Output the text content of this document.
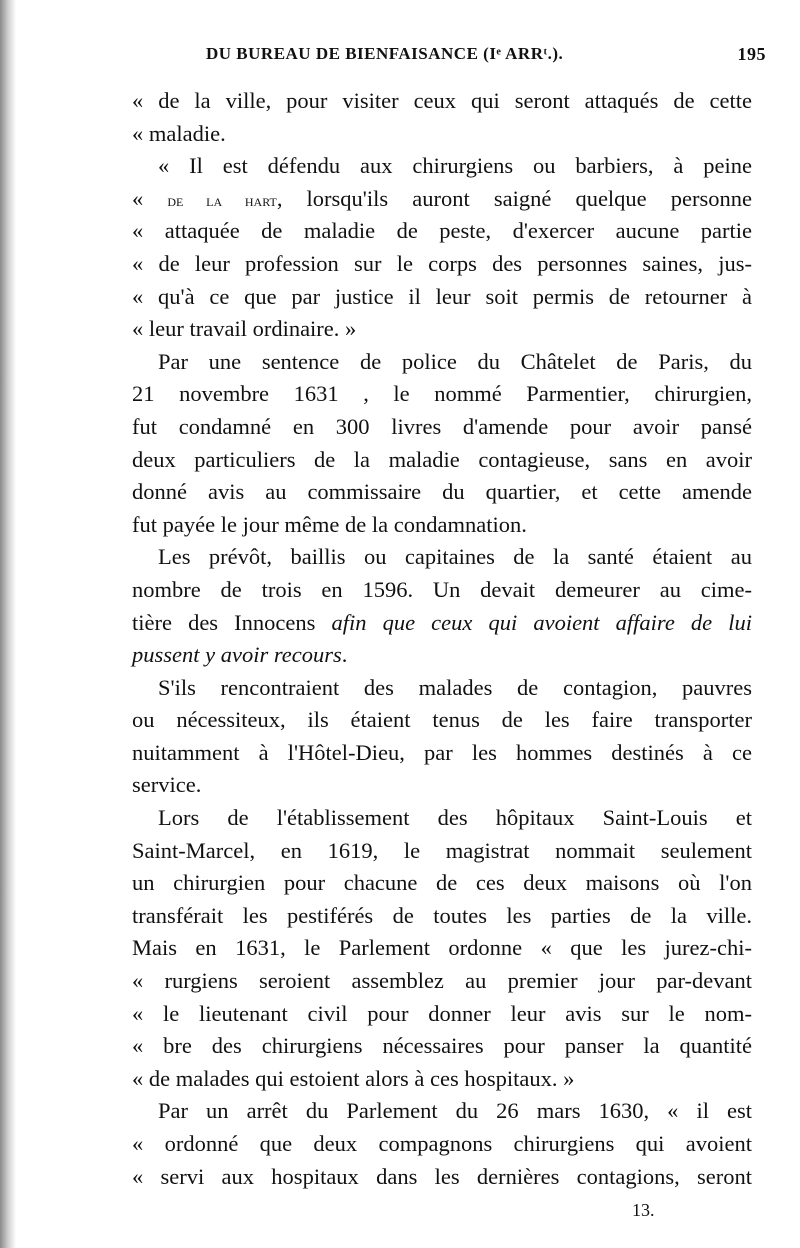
DU BUREAU DE BIENFAISANCE (Iᵉ ARRᵗ.).	195
« de la ville, pour visiter ceux qui seront attaqués de cette
« maladie.
« Il est défendu aux chirurgiens ou barbiers, à peine
« de la hart, lorsqu'ils auront saigné quelque personne
« attaquée de maladie de peste, d'exercer aucune partie
« de leur profession sur le corps des personnes saines, jus-
« qu'à ce que par justice il leur soit permis de retourner à
« leur travail ordinaire. »
Par une sentence de police du Châtelet de Paris, du
21 novembre 1631 , le nommé Parmentier, chirurgien,
fut condamné en 300 livres d'amende pour avoir pansé
deux particuliers de la maladie contagieuse, sans en avoir
donné avis au commissaire du quartier, et cette amende
fut payée le jour même de la condamnation.
Les prévôt, baillis ou capitaines de la santé étaient au
nombre de trois en 1596. Un devait demeurer au cime-
tière des Innocens afin que ceux qui avoient affaire de lui
pussent y avoir recours.
S'ils rencontraient des malades de contagion, pauvres
ou nécessiteux, ils étaient tenus de les faire transporter
nuitamment à l'Hôtel-Dieu, par les hommes destinés à ce
service.
Lors de l'établissement des hôpitaux Saint-Louis et
Saint-Marcel, en 1619, le magistrat nommait seulement
un chirurgien pour chacune de ces deux maisons où l'on
transférait les pestiférés de toutes les parties de la ville.
Mais en 1631, le Parlement ordonne « que les jurez-chi-
« rurgiens seroient assemblez au premier jour par-devant
« le lieutenant civil pour donner leur avis sur le nom-
« bre des chirurgiens nécessaires pour panser la quantité
« de malades qui estoient alors à ces hospitaux. »
Par un arrêt du Parlement du 26 mars 1630, « il est
« ordonné que deux compagnons chirurgiens qui avoient
« servi aux hospitaux dans les dernières contagions, seront
13.
